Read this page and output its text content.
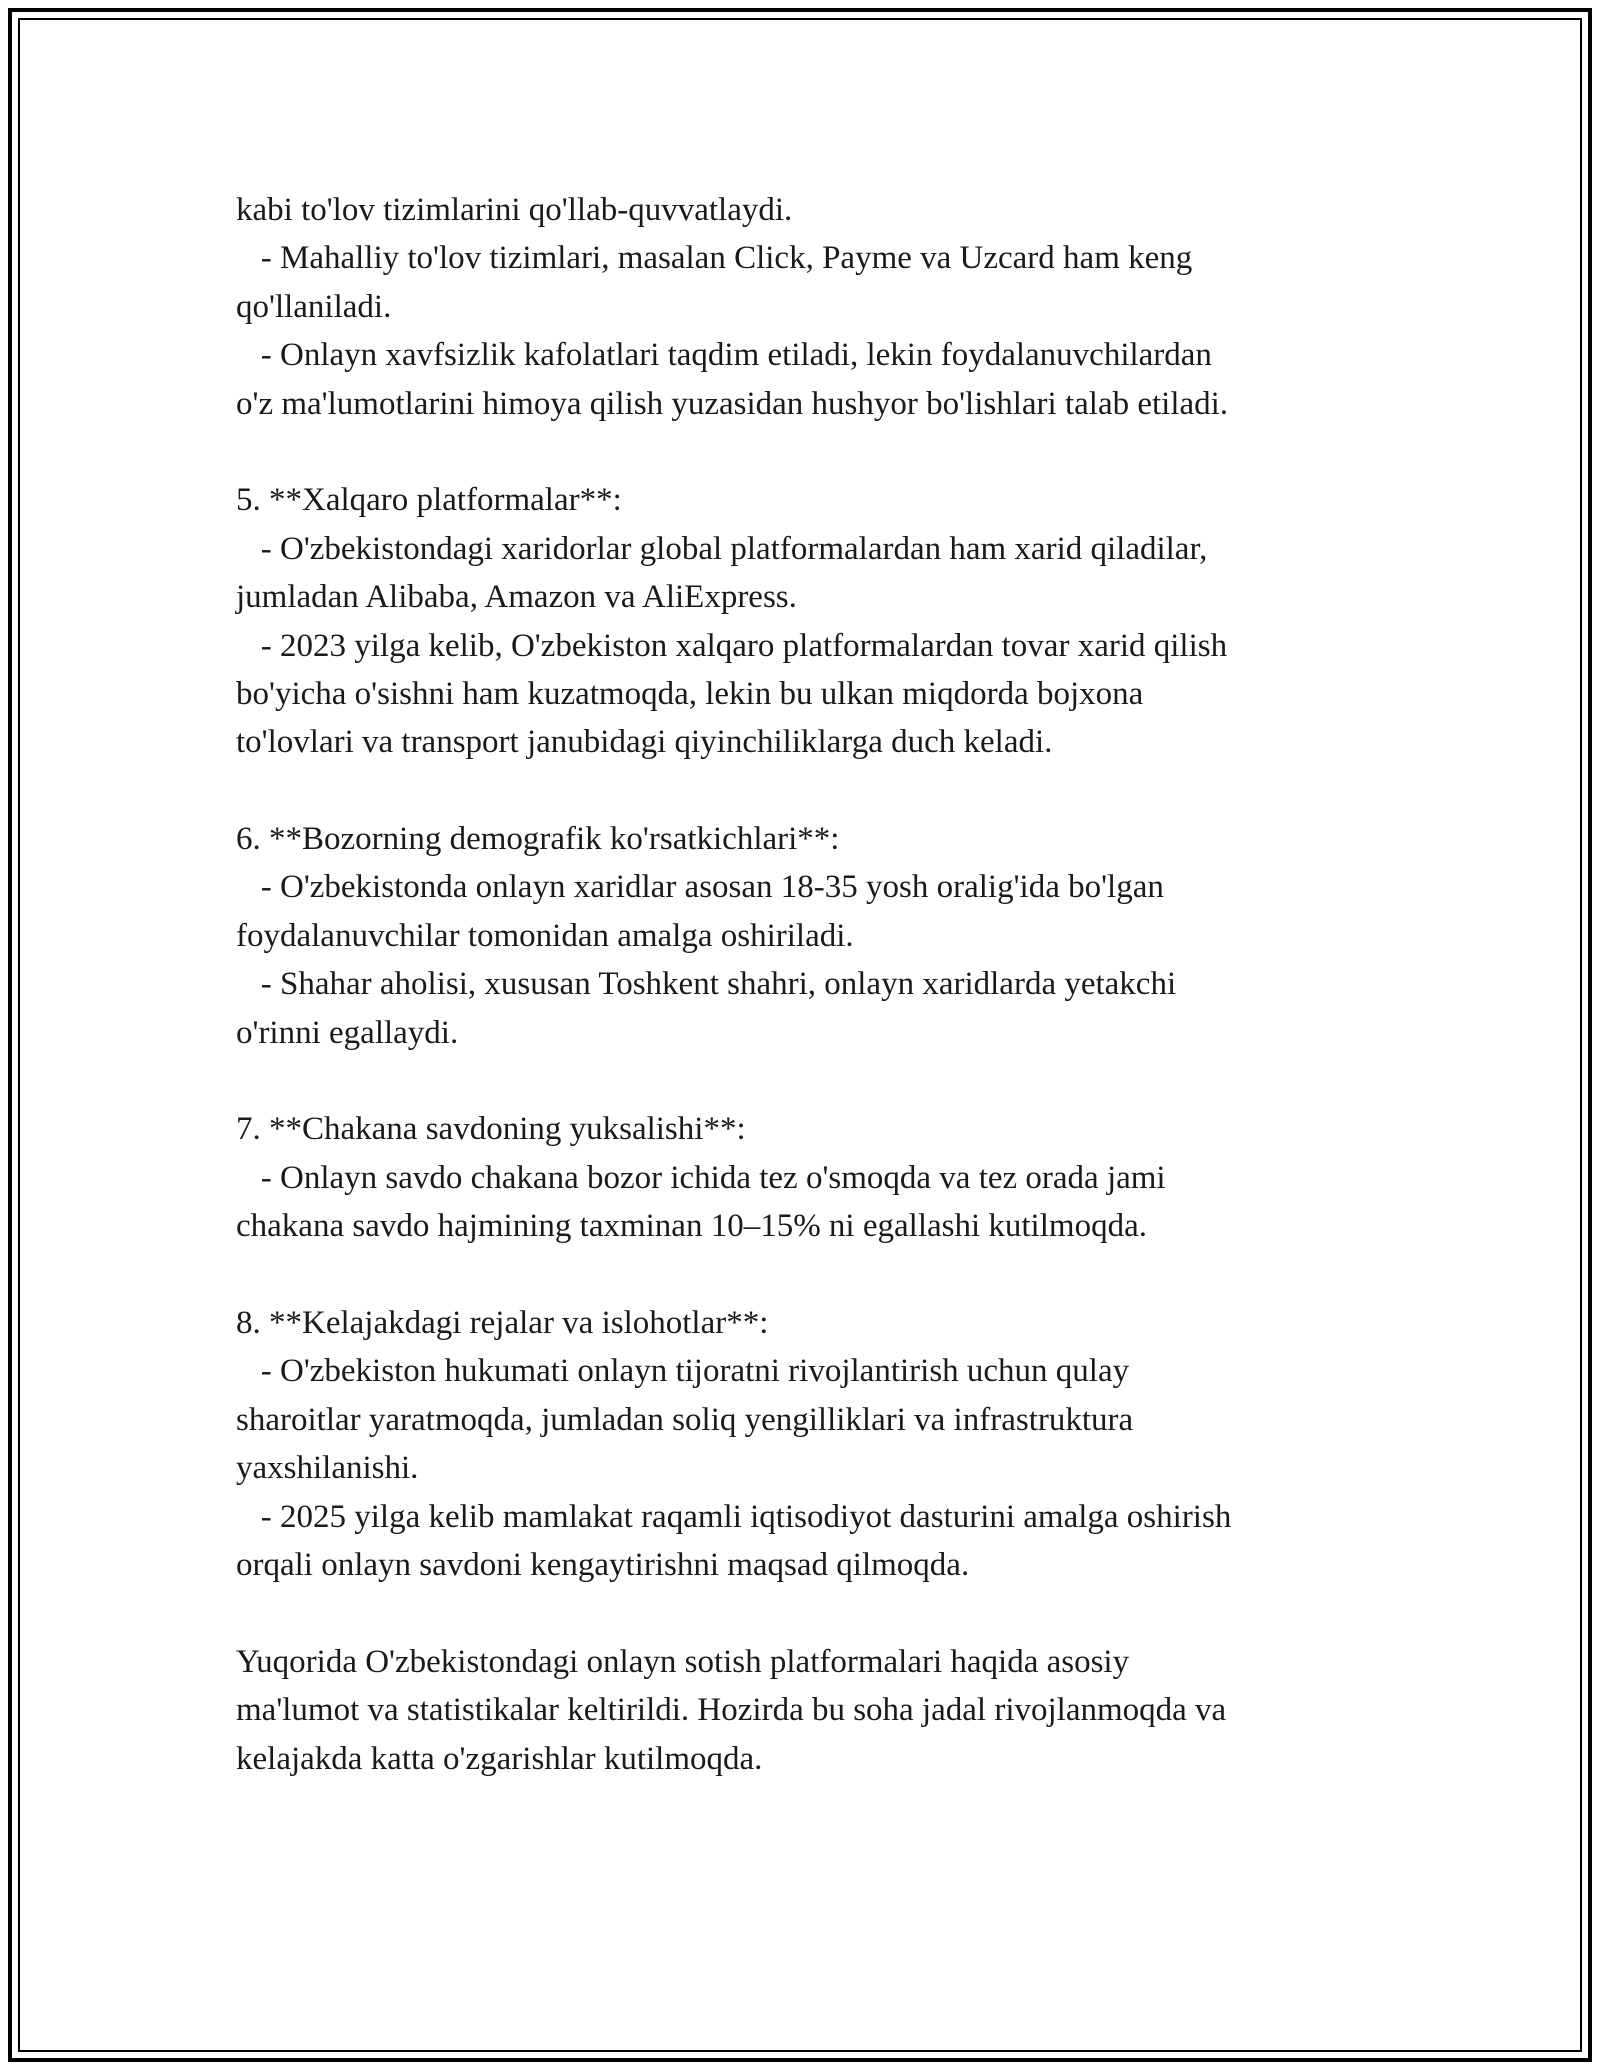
kabi to'lov tizimlarini qo'llab-quvvatlaydi.
- Mahalliy to'lov tizimlari, masalan Click, Payme va Uzcard ham keng
qo'llaniladi.
- Onlayn xavfsizlik kafolatlari taqdim etiladi, lekin foydalanuvchilardan
o'z ma'lumotlarini himoya qilish yuzasidan hushyor bo'lishlari talab etiladi.
5. **Xalqaro platformalar**:
- O'zbekistondagi xaridorlar global platformalardan ham xarid qiladilar,
jumladan Alibaba, Amazon va AliExpress.
- 2023 yilga kelib, O'zbekiston xalqaro platformalardan tovar xarid qilish
bo'yicha o'sishni ham kuzatmoqda, lekin bu ulkan miqdorda bojxona
to'lovlari va transport janubidagi qiyinchiliklarga duch keladi.
6. **Bozorning demografik ko'rsatkichlari**:
- O'zbekistonda onlayn xaridlar asosan 18-35 yosh oralig'ida bo'lgan
foydalanuvchilar tomonidan amalga oshiriladi.
- Shahar aholisi, xususan Toshkent shahri, onlayn xaridlarda yetakchi
o'rinni egallaydi.
7. **Chakana savdoning yuksalishi**:
- Onlayn savdo chakana bozor ichida tez o'smoqda va tez orada jami
chakana savdo hajmining taxminan 10–15% ni egallashi kutilmoqda.
8. **Kelajakdagi rejalar va islohotlar**:
- O'zbekiston hukumati onlayn tijoratni rivojlantirish uchun qulay
sharoitlar yaratmoqda, jumladan soliq yengilliklari va infrastruktura
yaxshilanishi.
- 2025 yilga kelib mamlakat raqamli iqtisodiyot dasturini amalga oshirish
orqali onlayn savdoni kengaytirishni maqsad qilmoqda.
Yuqorida O'zbekistondagi onlayn sotish platformalari haqida asosiy
ma'lumot va statistikalar keltirildi. Hozirda bu soha jadal rivojlanmoqda va
kelajakda katta o'zgarishlar kutilmoqda.
